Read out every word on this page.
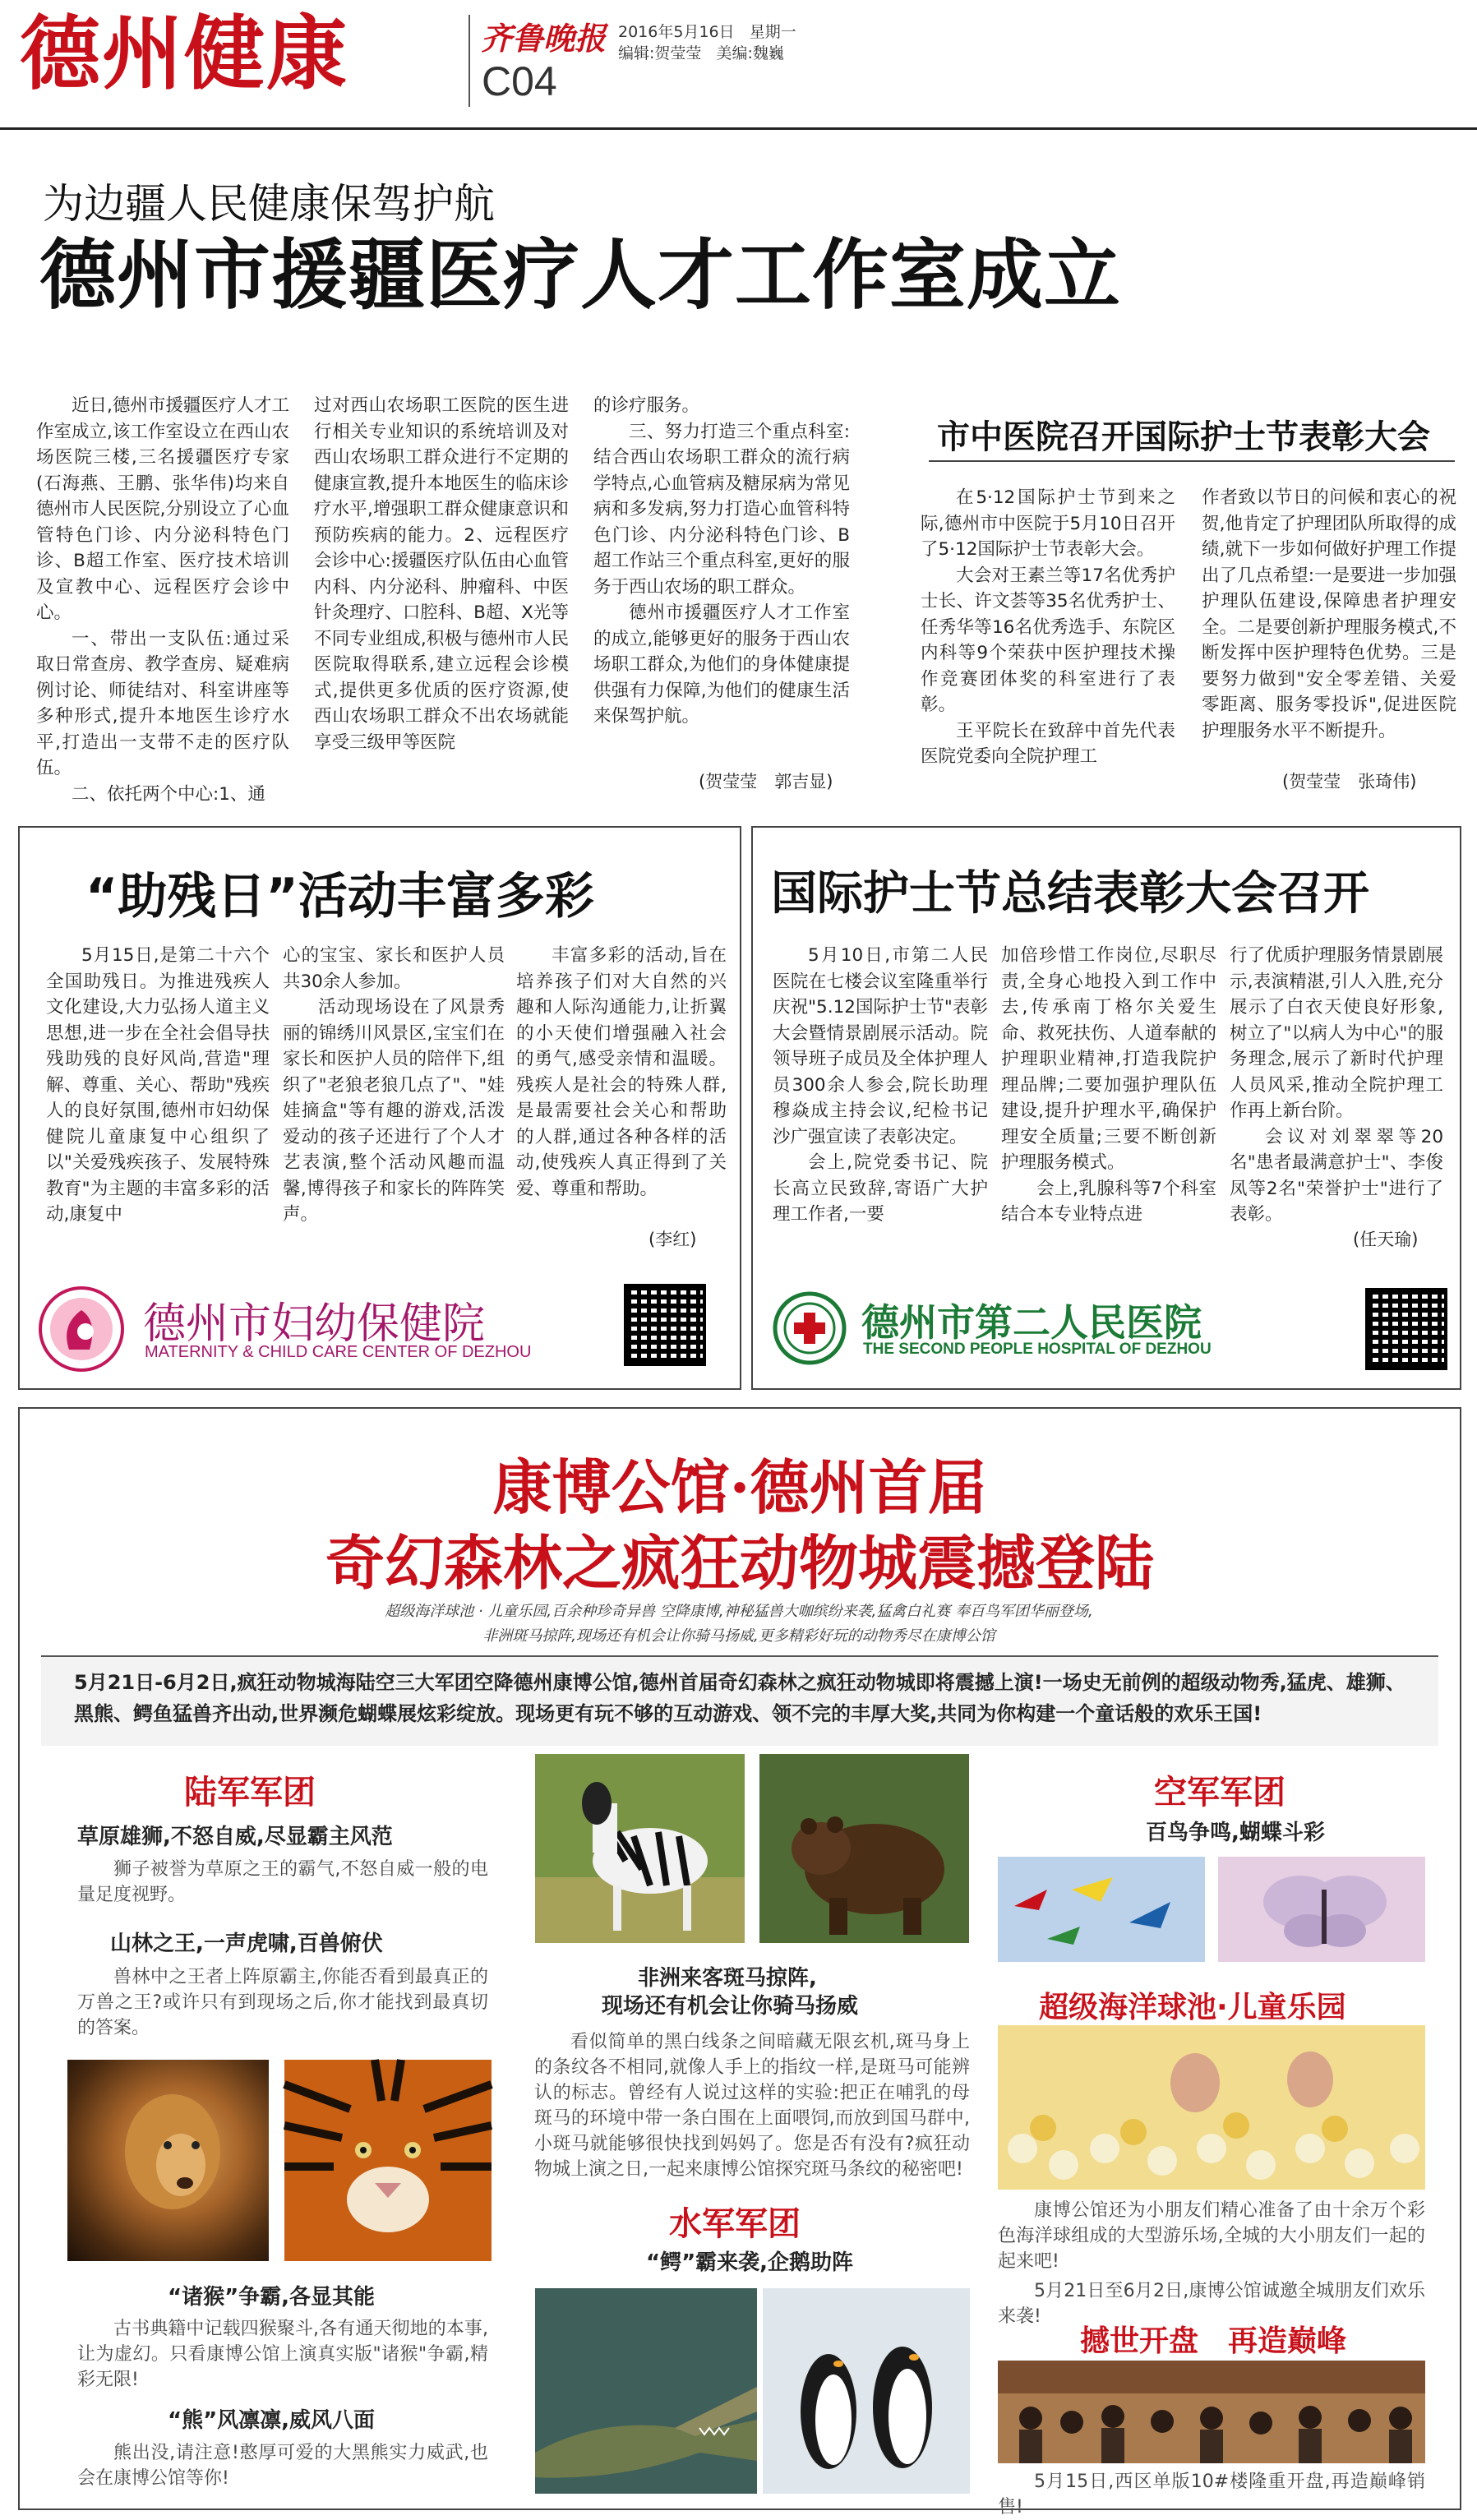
德州健康	齐鲁晚报
C04
2016年5月16日 星期一
编辑:贺莹莹 美编:魏巍
为边疆人民健康保驾护航
德州市援疆医疗人才工作室成立

近日,德州市援疆医疗人才工作室成立,该工作室设立在西山农场医院三楼,三名援疆医疗专家(石海燕、王鹏、张华伟)均来自德州市人民医院,分别设立了心血管特色门诊、内分泌科特色门诊、B超工作室、医疗技术培训及宣教中心、远程医疗会诊中心。

一、带出一支队伍:通过采取日常查房、教学查房、疑难病例讨论、师徒结对、科室讲座等多种形式,提升本地医生诊疗水平,打造出一支带不走的医疗队伍。

二、依托两个中心:1、通

过对西山农场职工医院的医生进行相关专业知识的系统培训及对西山农场职工群众进行不定期的健康宣教,提升本地医生的临床诊疗水平,增强职工群众健康意识和预防疾病的能力。2、远程医疗会诊中心:援疆医疗队伍由心血管内科、内分泌科、肿瘤科、中医针灸理疗、口腔科、B超、X光等不同专业组成,积极与德州市人民医院取得联系,建立远程会诊模式,提供更多优质的医疗资源,使西山农场职工群众不出农场就能享受三级甲等医院

的诊疗服务。

三、努力打造三个重点科室:结合西山农场职工群众的流行病学特点,心血管病及糖尿病为常见病和多发病,努力打造心血管科特色门诊、内分泌科特色门诊、B超工作站三个重点科室,更好的服务于西山农场的职工群众。

德州市援疆医疗人才工作室的成立,能够更好的服务于西山农场职工群众,为他们的身体健康提供强有力保障,为他们的健康生活来保驾护航。

(贺莹莹　郭吉显)
市中医院召开国际护士节表彰大会

在5·12国际护士节到来之际,德州市中医院于5月10日召开了5·12国际护士节表彰大会。

大会对王素兰等17名优秀护士长、许文荟等35名优秀护士、任秀华等16名优秀选手、东院区内科等9个荣获中医护理技术操作竞赛团体奖的科室进行了表彰。

王平院长在致辞中首先代表医院党委向全院护理工

作者致以节日的问候和衷心的祝贺,他肯定了护理团队所取得的成绩,就下一步如何做好护理工作提出了几点希望:一是要进一步加强护理队伍建设,保障患者护理安全。二是要创新护理服务模式,不断发挥中医护理特色优势。三是要努力做到"安全零差错、关爱零距离、服务零投诉",促进医院护理服务水平不断提升。

(贺莹莹　张琦伟)
“助残日”活动丰富多彩

5月15日,是第二十六个全国助残日。为推进残疾人文化建设,大力弘扬人道主义思想,进一步在全社会倡导扶残助残的良好风尚,营造"理解、尊重、关心、帮助"残疾人的良好氛围,德州市妇幼保健院儿童康复中心组织了以"关爱残疾孩子、发展特殊教育"为主题的丰富多彩的活动,康复中

心的宝宝、家长和医护人员共30余人参加。

活动现场设在了风景秀丽的锦绣川风景区,宝宝们在家长和医护人员的陪伴下,组织了"老狼老狼几点了"、"娃娃摘盒"等有趣的游戏,活泼爱动的孩子还进行了个人才艺表演,整个活动风趣而温馨,博得孩子和家长的阵阵笑声。

丰富多彩的活动,旨在培养孩子们对大自然的兴趣和人际沟通能力,让折翼的小天使们增强融入社会的勇气,感受亲情和温暖。残疾人是社会的特殊人群,是最需要社会关心和帮助的人群,通过各种各样的活动,使残疾人真正得到了关爱、尊重和帮助。

(李红)
德州市妇幼保健院
MATERNITY & CHILD CARE CENTER OF DEZHOU
国际护士节总结表彰大会召开

5月10日,市第二人民医院在七楼会议室隆重举行庆祝"5.12国际护士节"表彰大会暨情景剧展示活动。院领导班子成员及全体护理人员300余人参会,院长助理穆焱成主持会议,纪检书记沙广强宣读了表彰决定。

会上,院党委书记、院长高立民致辞,寄语广大护理工作者,一要

加倍珍惜工作岗位,尽职尽责,全身心地投入到工作中去,传承南丁格尔关爱生命、救死扶伤、人道奉献的护理职业精神,打造我院护理品牌;二要加强护理队伍建设,提升护理水平,确保护理安全质量;三要不断创新护理服务模式。

会上,乳腺科等7个科室结合本专业特点进

行了优质护理服务情景剧展示,表演精湛,引人入胜,充分展示了白衣天使良好形象,树立了"以病人为中心"的服务理念,展示了新时代护理人员风采,推动全院护理工作再上新台阶。

会议对刘翠翠等20名"患者最满意护士"、李俊凤等2名"荣誉护士"进行了表彰。

(任天瑜)
德州市第二人民医院
THE SECOND PEOPLE HOSPITAL OF DEZHOU
康博公馆·德州首届
奇幻森林之疯狂动物城震撼登陆
超级海洋球池 · 儿童乐园,百余种珍奇异兽 空降康博,神秘猛兽大咖缤纷来袭,猛禽白礼赛 奉百鸟军团华丽登场,
非洲斑马掠阵,现场还有机会让你骑马扬威,更多精彩好玩的动物秀尽在康博公馆
5月21日-6月2日,疯狂动物城海陆空三大军团空降德州康博公馆,德州首届奇幻森林之疯狂动物城即将震撼上演!一场史无前例的超级动物秀,猛虎、雄狮、黑熊、鳄鱼猛兽齐出动,世界濒危蝴蝶展炫彩绽放。现场更有玩不够的互动游戏、领不完的丰厚大奖,共同为你构建一个童话般的欢乐王国!
陆军军团
草原雄狮,不怒自威,尽显霸主风范

狮子被誉为草原之王的霸气,不怒自威一般的电量足度视野。

山林之王,一声虎啸,百兽俯伏

兽林中之王者上阵原霸主,你能否看到最真正的万兽之王?或许只有到现场之后,你才能找到最真切的答案。

“诸猴”争霸,各显其能

古书典籍中记载四猴聚斗,各有通天彻地的本事,让为虚幻。只看康博公馆上演真实版"诸猴"争霸,精彩无限!

“熊”风凛凛,威风八面

熊出没,请注意!憨厚可爱的大黑熊实力威武,也会在康博公馆等你!

非洲来客斑马掠阵,
现场还有机会让你骑马扬威

看似简单的黑白线条之间暗藏无限玄机,斑马身上的条纹各不相同,就像人手上的指纹一样,是斑马可能辨认的标志。曾经有人说过这样的实验:把正在哺乳的母斑马的环境中带一条白围在上面喂饲,而放到国马群中,小斑马就能够很快找到妈妈了。您是否有没有?疯狂动物城上演之日,一起来康博公馆探究斑马条纹的秘密吧!

水军军团
“鳄”霸来袭,企鹅助阵
空军军团
百鸟争鸣,蝴蝶斗彩
超级海洋球池·儿童乐园

康博公馆还为小朋友们精心准备了由十余万个彩色海洋球组成的大型游乐场,全城的大小朋友们一起的起来吧!

5月21日至6月2日,康博公馆诚邀全城朋友们欢乐来袭!

撼世开盘　再造巅峰

5月15日,西区单版10#楼隆重开盘,再造巅峰销售!
